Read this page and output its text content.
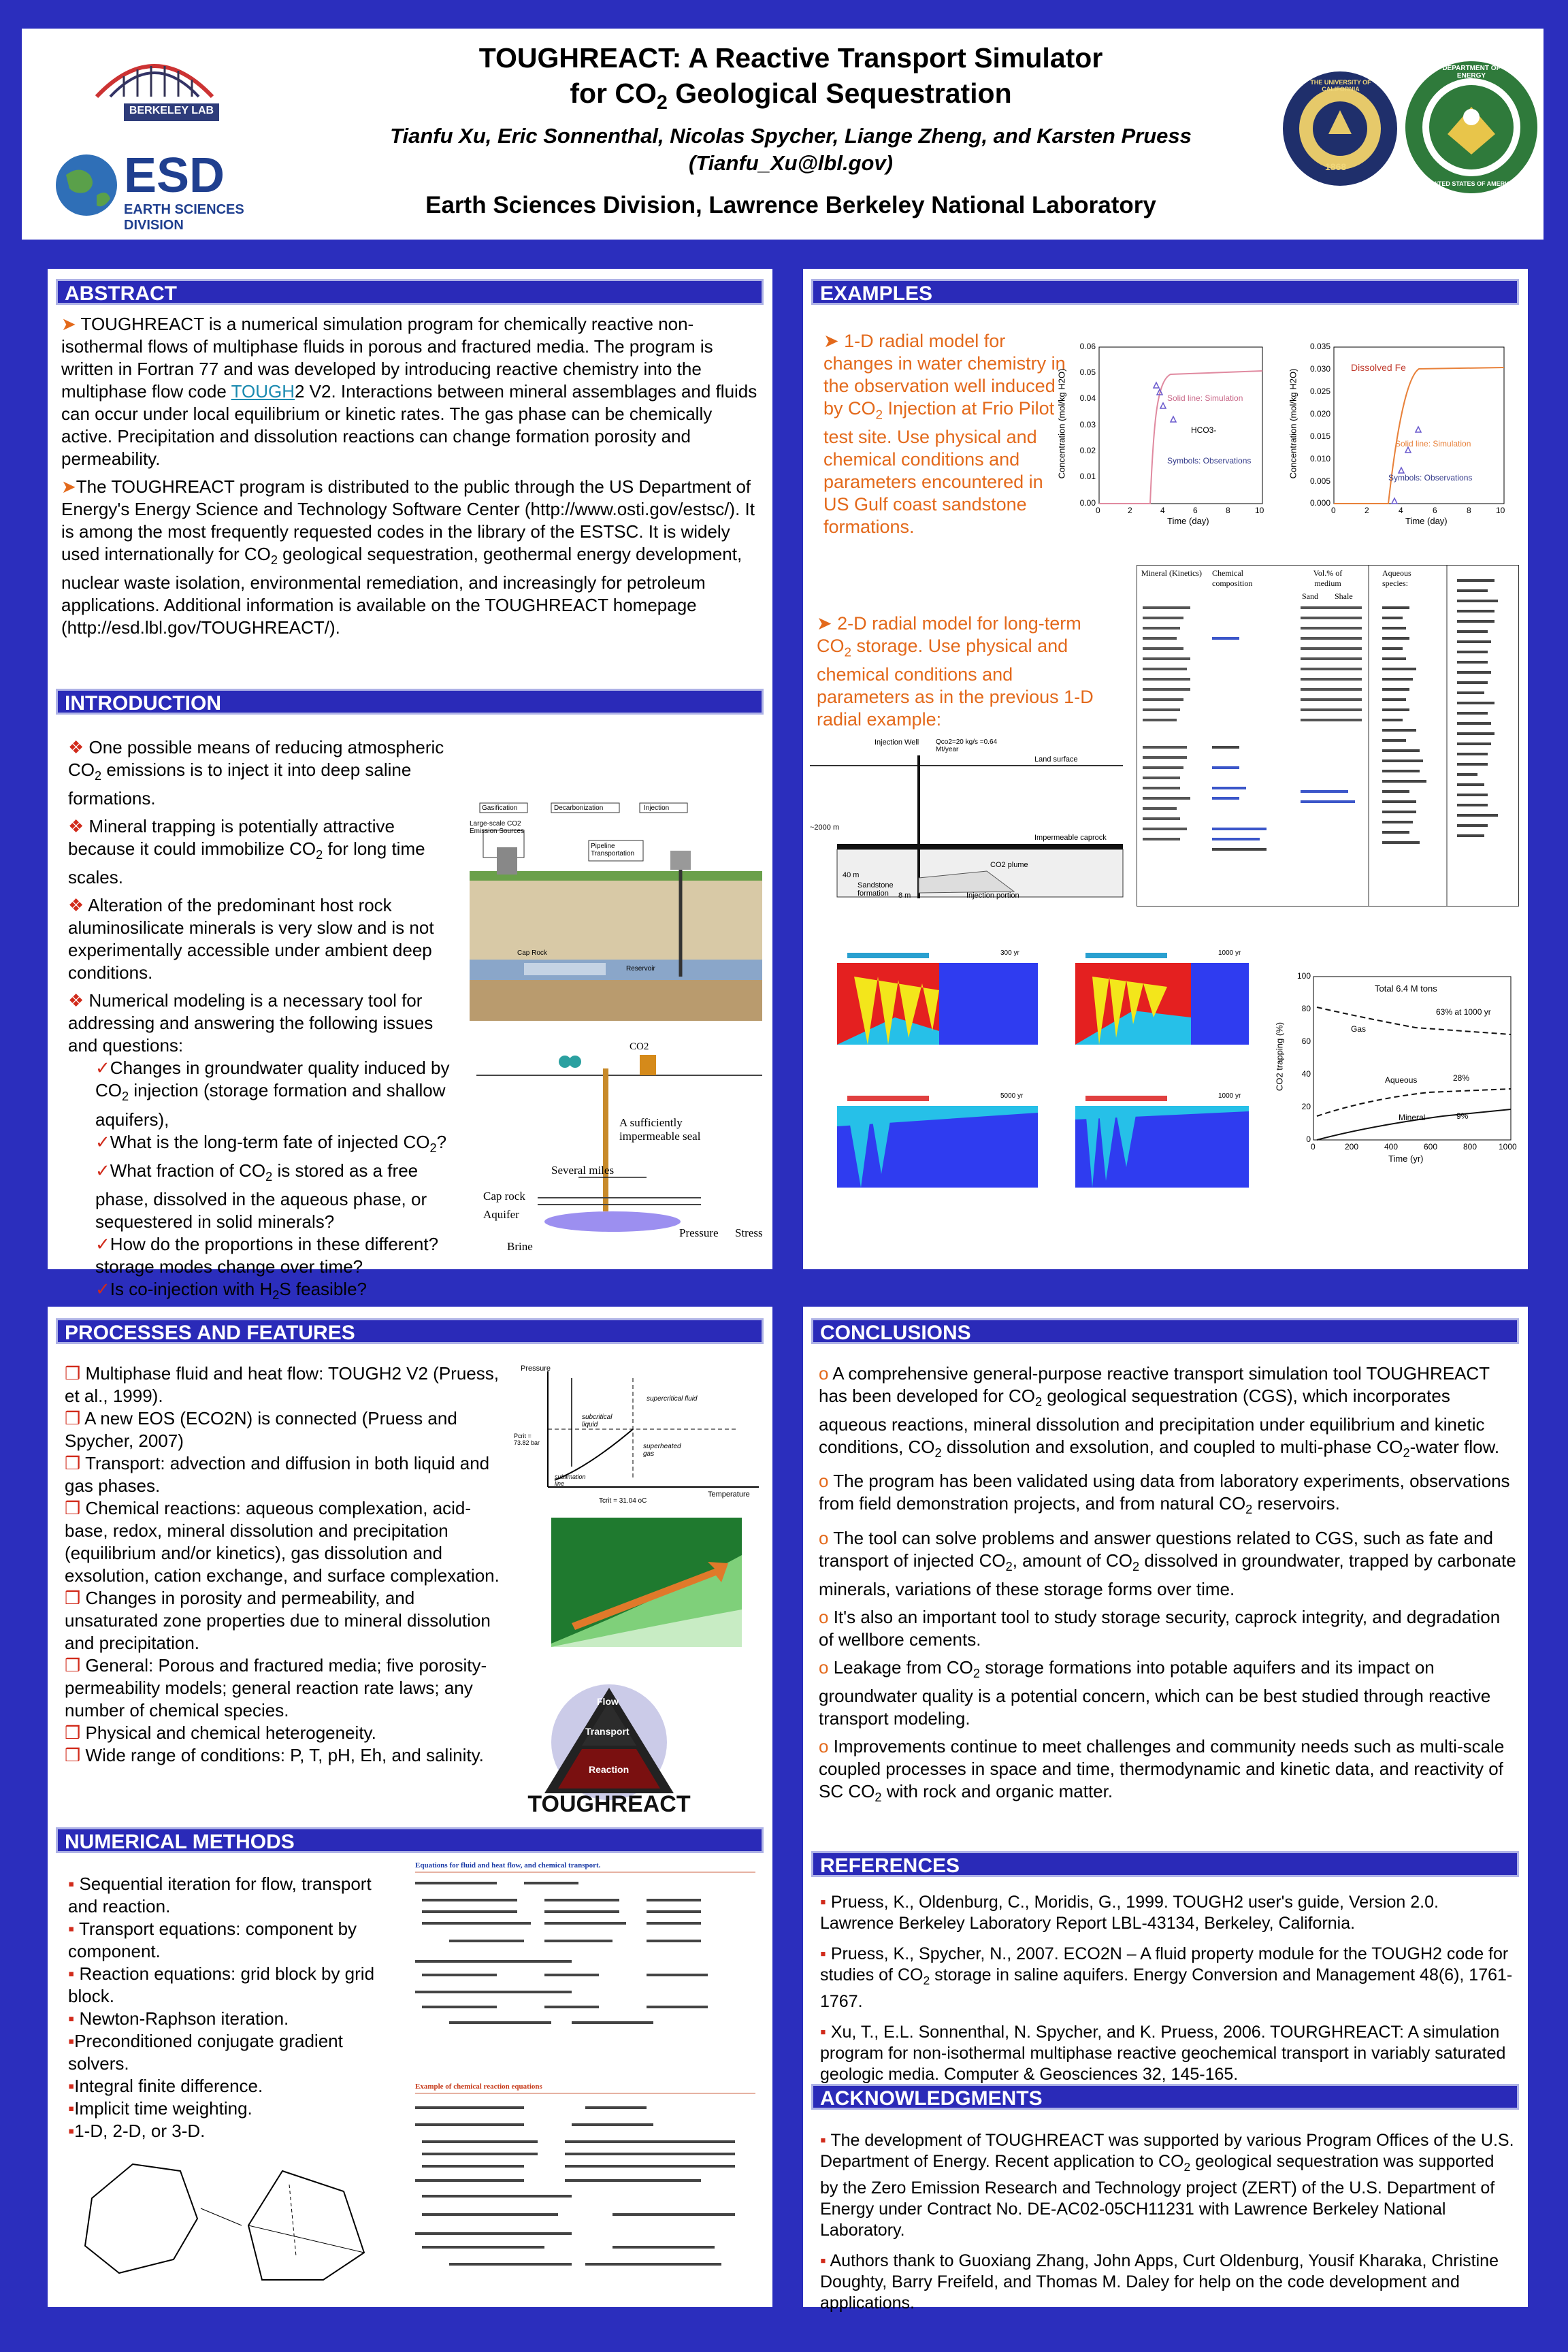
BERKELEY LAB
ESD
EARTH SCIENCES DIVISION
TOUGHREACT: A Reactive Transport Simulator
for $CO_2$ Geological Sequestration
Tianfu Xu, Eric Sonnenthal, Nicolas Spycher, Liange Zheng, and Karsten Pruess
(Tianfu_Xu@lbl.gov)
Earth Sciences Division, Lawrence Berkeley National Laboratory
1868
THE UNIVERSITY OF CALIFORNIA
DEPARTMENT OF ENERGY
UNITED STATES OF AMERICA
ABSTRACT

➤ TOUGHREACT is a numerical simulation program for chemically reactive non-isothermal flows of multiphase fluids in porous and fractured media. The program is written in Fortran 77 and was developed by introducing reactive chemistry into the multiphase flow code TOUGH2 V2. Interactions between mineral assemblages and fluids can occur under local equilibrium or kinetic rates. The gas phase can be chemically active. Precipitation and dissolution reactions can change formation porosity and permeability.

➤The TOUGHREACT program is distributed to the public through the US Department of Energy's Energy Science and Technology Software Center (http://www.osti.gov/estsc/). It is among the most frequently requested codes in the library of the ESTSC. It is widely used internationally for $CO_2$ geological sequestration, geothermal energy development, nuclear waste isolation, environmental remediation, and increasingly for petroleum applications. Additional information is available on the TOUGHREACT homepage (http://esd.lbl.gov/TOUGHREACT/).

INTRODUCTION

❖ One possible means of reducing atmospheric $CO_2$ emissions is to inject it into deep saline formations.

❖ Mineral trapping is potentially attractive because it could immobilize $CO_2$ for long time scales.

❖ Alteration of the predominant host rock aluminosilicate minerals is very slow and is not experimentally accessible under ambient deep conditions.

❖ Numerical modeling is a necessary tool for addressing and answering the following issues and questions:

✓Changes in groundwater quality induced by $CO_2$ injection (storage formation and shallow aquifers),
✓What is the long-term fate of injected $CO_2$?
✓What fraction of $CO_2$ is stored as a free phase, dissolved in the aqueous phase, or sequestered in solid minerals?
✓How do the proportions in these different? storage modes change over time?
✓Is co-injection with $H_2S$ feasible?
Gasification	Decarbonization	Injection
Large-scale CO2 Emission Sources
Pipeline Transportation
Cap Rock
Reservoir
CO2
A sufficiently impermeable seal
Several miles
Cap rock
Aquifer
Brine
Pressure Stress
EXAMPLES
➤ 1-D radial model for changes in water chemistry in the observation well induced by $CO_2$ Injection at Frio Pilot test site. Use physical and chemical conditions and parameters encountered in US Gulf coast sandstone formations.
➤ 2-D radial model for long-term $CO_2$ storage. Use physical and chemical conditions and parameters as in the previous 1-D radial example:
0.06
0.05
0.04
0.03
0.02
0.01
0.00
0	2	4	6	8	10
Time (day)
Concentration (mol/kg H2O)	Solid line: Simulation
HCO3-
Symbols: Observations
0.035
0.030
0.025
0.020
0.015
0.010
0.005
0.000
0	2	4	6	8	10
Time (day)
Concentration (mol/kg H2O)
Dissolved Fe
Solid line: Simulation
Symbols: Observations
Mineral (Kinetics) Chemical composition
Vol.% of medium
Sand Shale
Aqueous species:
Injection Well Qco2=20 kg/s =0.64 Mt/year
Land surface
Impermeable caprock
~2000 m
40 m
Sandstone formation
CO2 plume
Injection portion
8 m
300 yr	1000 yr
5000 yr	1000 yr
100
80
60
40
20
0
0	200	400	600	800	1000
Time (yr)
CO2 trapping (%)
Total 6.4 M tons
63% at 1000 yr
Gas
Aqueous	28%
Mineral	9%
PROCESSES AND FEATURES
❒ Multiphase fluid and heat flow: TOUGH2 V2 (Pruess, et al., 1999).
❒ A new EOS (ECO2N) is connected (Pruess and Spycher, 2007)
❒ Transport: advection and diffusion in both liquid and gas phases.
❒ Chemical reactions: aqueous complexation, acid-base, redox, mineral dissolution and precipitation (equilibrium and/or kinetics), gas dissolution and exsolution, cation exchange, and surface complexation.
❒ Changes in porosity and permeability, and unsaturated zone properties due to mineral dissolution and precipitation.
❒ General: Porous and fractured media; five porosity-permeability models; general reaction rate laws; any number of chemical species.
❒ Physical and chemical heterogeneity.
❒ Wide range of conditions: P, T, pH, Eh, and salinity.
Pressure
Temperature
supercritical fluid
subcritical liquid
superheated gas
Pcrit = 73.82 bar
Tcrit = 31.04 oC
sublimation line
Flow
Transport
Reaction
TOUGHREACT
NUMERICAL METHODS
▪ Sequential iteration for flow, transport and reaction.
▪ Transport equations: component by component.
▪ Reaction equations: grid block by grid block.
▪ Newton-Raphson iteration.
▪Preconditioned conjugate gradient solvers.
▪Integral finite difference.
▪Implicit time weighting.
▪1-D, 2-D, or 3-D.
Equations for fluid and heat flow, and chemical transport.
Example of chemical reaction equations
CONCLUSIONS

o A comprehensive general-purpose reactive transport simulation tool TOUGHREACT has been developed for $CO_2$ geological sequestration (CGS), which incorporates aqueous reactions, mineral dissolution and precipitation under equilibrium and kinetic conditions, $CO_2$ dissolution and exsolution, and coupled to multi-phase $CO_2$-water flow.

o The program has been validated using data from laboratory experiments, observations from field demonstration projects, and from natural $CO_2$ reservoirs.

o The tool can solve problems and answer questions related to CGS, such as fate and transport of injected $CO_2$, amount of $CO_2$ dissolved in groundwater, trapped by carbonate minerals, variations of these storage forms over time.

o It's also an important tool to study storage security, caprock integrity, and degradation of wellbore cements.

o Leakage from $CO_2$ storage formations into potable aquifers and its impact on groundwater quality is a potential concern, which can be best studied through reactive transport modeling.

o Improvements continue to meet challenges and community needs such as multi-scale coupled processes in space and time, thermodynamic and kinetic data, and reactivity of SC $CO_2$ with rock and organic matter.

REFERENCES
▪ Pruess, K., Oldenburg, C., Moridis, G., 1999. TOUGH2 user's guide, Version 2.0. Lawrence Berkeley Laboratory Report LBL-43134, Berkeley, California.
▪ Pruess, K., Spycher, N., 2007. ECO2N – A fluid property module for the TOUGH2 code for studies of $CO_2$ storage in saline aquifers. Energy Conversion and Management 48(6), 1761-1767.
▪ Xu, T., E.L. Sonnenthal, N. Spycher, and K. Pruess, 2006. TOURGHREACT: A simulation program for non-isothermal multiphase reactive geochemical transport in variably saturated geologic media. Computer & Geosciences 32, 145-165.
ACKNOWLEDGMENTS
▪ The development of TOUGHREACT was supported by various Program Offices of the U.S. Department of Energy. Recent application to $CO_2$ geological sequestration was supported by the Zero Emission Research and Technology project (ZERT) of the U.S. Department of Energy under Contract No. DE-AC02-05CH11231 with Lawrence Berkeley National Laboratory.
▪ Authors thank to Guoxiang Zhang, John Apps, Curt Oldenburg, Yousif Kharaka, Christine Doughty, Barry Freifeld, and Thomas M. Daley for help on the code development and applications.
